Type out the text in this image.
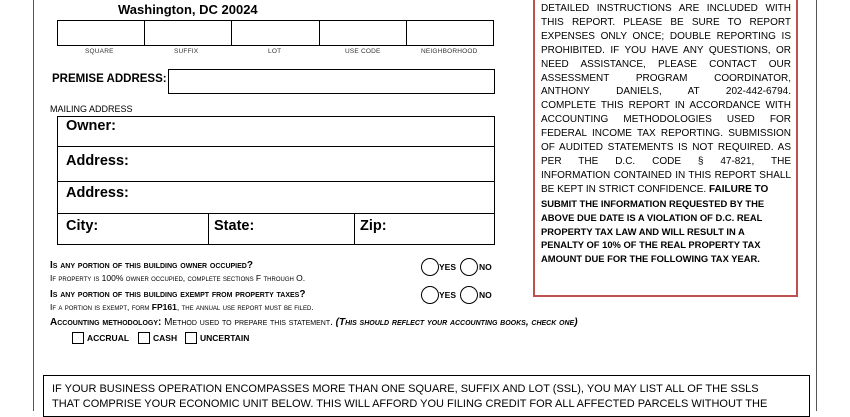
Washington, DC 20024
SQUARE	SUFFIX	LOT	USE CODE	NEIGHBORHOOD
PREMISE ADDRESS:
MAILING ADDRESS
Owner:
Address:
Address:
City:	State:	Zip:
Is any portion of this building owner occupied?
If property is 100% owner occupied, complete sections F through O.
YES	NO
Is any portion of this building exempt from property taxes?
If a portion is exempt, form FP161, the annual use report must be filed.
YES	NO
Accounting methodology: Method used to prepare this statement. (This should reflect your accounting books, check one)
ACCRUAL	CASH	UNCERTAIN
DETAILED INSTRUCTIONS ARE INCLUDED WITH
THIS REPORT. PLEASE BE SURE TO REPORT
EXPENSES ONLY ONCE; DOUBLE REPORTING IS
PROHIBITED. IF YOU HAVE ANY QUESTIONS, OR
NEED ASSISTANCE, PLEASE CONTACT OUR
ASSESSMENT PROGRAM COORDINATOR,
ANTHONY DANIELS, AT 202-442-6794.
COMPLETE THIS REPORT IN ACCORDANCE WITH
ACCOUNTING METHODOLOGIES USED FOR
FEDERAL INCOME TAX REPORTING. SUBMISSION
OF AUDITED STATEMENTS IS NOT REQUIRED. AS
PER THE D.C. CODE § 47-821, THE
INFORMATION CONTAINED IN THIS REPORT SHALL
BE KEPT IN STRICT CONFIDENCE. FAILURE TO
SUBMIT THE INFORMATION REQUESTED BY THE
ABOVE DUE DATE IS A VIOLATION OF D.C. REAL
PROPERTY TAX LAW AND WILL RESULT IN A
PENALTY OF 10% OF THE REAL PROPERTY TAX
AMOUNT DUE FOR THE FOLLOWING TAX YEAR.
IF YOUR BUSINESS OPERATION ENCOMPASSES MORE THAN ONE SQUARE, SUFFIX AND LOT (SSL), YOU MAY LIST ALL OF THE SSLS
THAT COMPRISE YOUR ECONOMIC UNIT BELOW. THIS WILL AFFORD YOU FILING CREDIT FOR ALL AFFECTED PARCELS WITHOUT THE
